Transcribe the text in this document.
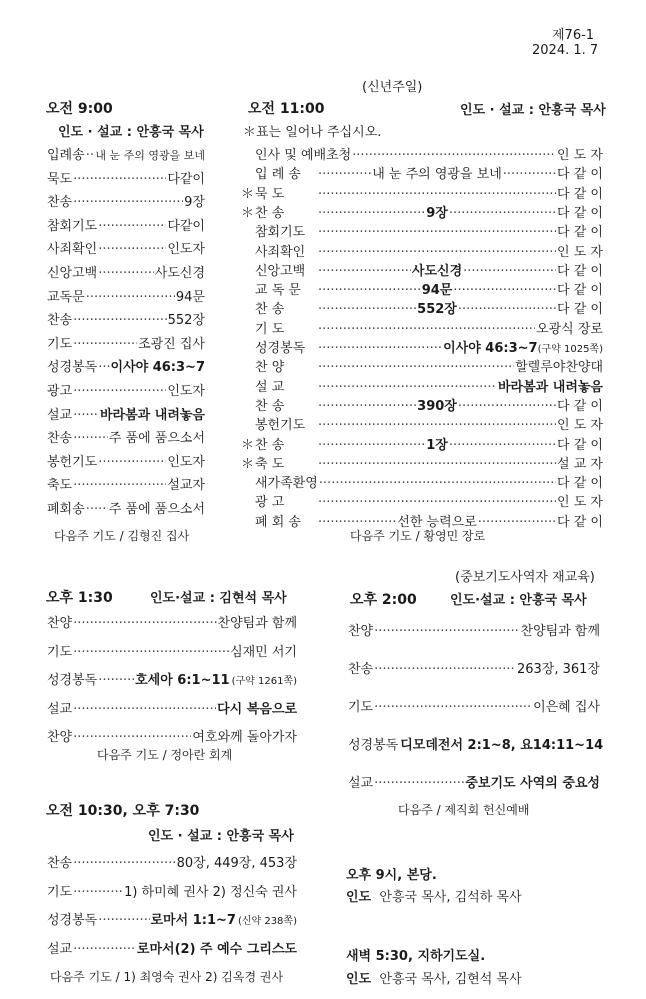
제76-1
2024. 1. 7
(신년주일)
오전 9:00
인도 · 설교 : 안흥국 목사
입례송 ····· 내 눈 주의 영광을 보네
묵도 ·····	다같이
찬송 ·····	9장
참회기도 ·····	다같이
사죄확인 ·····	인도자
신앙고백 ·····	사도신경
교독문 ·····	94문
찬송 ·····	552장
기도 ·····	조광진 집사
성경봉독 ····· 이사야 46:3~7
광고 ·····	인도자
설교 ····· 바라봄과 내려놓음
찬송 ·····	주 품에 품으소서
봉헌기도 ·····	인도자
축도 ·····	설교자
폐회송 ····· 주 품에 품으소서
다음주 기도 / 김형진 집사
오전 11:00	인도 · 설교 : 안흥국 목사
＊표는 일어나 주십시오.
인사 및 예배초청 ·····	인 도 자
입 례 송 ·····	내 눈 주의 영광을 보네 ·····	다 같 이
＊ 묵 도 ·····	다 같 이
＊ 찬 송 ·····	9장 ·····	다 같 이
참회기도 ·····	다 같 이
사죄확인 ·····	인 도 자
신앙고백 ·····	사도신경 ·····	다 같 이
교 독 문 ·····	94문 ·····	다 같 이
찬 송 ·····	552장 ·····	다 같 이
기 도 ·····	오광식 장로
성경봉독 ·····	이사야 46:3~7 (구약 1025쪽)
찬 양 ·····	할렐루야찬양대
설 교 ·····	바라봄과 내려놓음
찬 송 ·····	390장 ·····	다 같 이
봉헌기도 ·····	인 도 자
＊ 찬 송 ·····	1장 ·····	다 같 이
＊ 축 도 ·····	설 교 자
새가족환영 ·····	다 같 이
광 고 ·····	인 도 자
폐 회 송 ·····	선한 능력으로 ·····	다 같 이
다음주 기도 / 황영민 장로
(중보기도사역자 재교육)
오후 1:30	인도·설교 : 김현석 목사
찬양 ·····	찬양팀과 함께
기도 ·····	심재민 서기
성경봉독 ·····	호세아 6:1~11 (구약 1261쪽)
설교 ·····	다시 복음으로
찬양 ·····	여호와께 돌아가자
다음주 기도 / 정아란 회계
오후 2:00	인도·설교 : 안흥국 목사
찬양 ·····	찬양팀과 함께
찬송 ·····	263장, 361장
기도 ·····	이은혜 집사
성경봉독 디모데전서 2:1~8, 요14:11~14
설교 ·····	중보기도 사역의 중요성
다음주 / 제직회 헌신예배
오전 10:30, 오후 7:30
인도 · 설교 : 안흥국 목사
찬송 ·····	80장, 449장, 453장
기도 ·····	1) 하미혜 권사 2) 정신숙 권사
성경봉독 ·····	로마서 1:1~7 (신약 238쪽)
설교 ·····	로마서(2) 주 예수 그리스도
다음주 기도 / 1) 최영숙 권사 2) 김옥경 권사
오후 9시, 본당.
인도 안흥국 목사, 김석하 목사
새벽 5:30, 지하기도실.
인도 안흥국 목사, 김현석 목사
